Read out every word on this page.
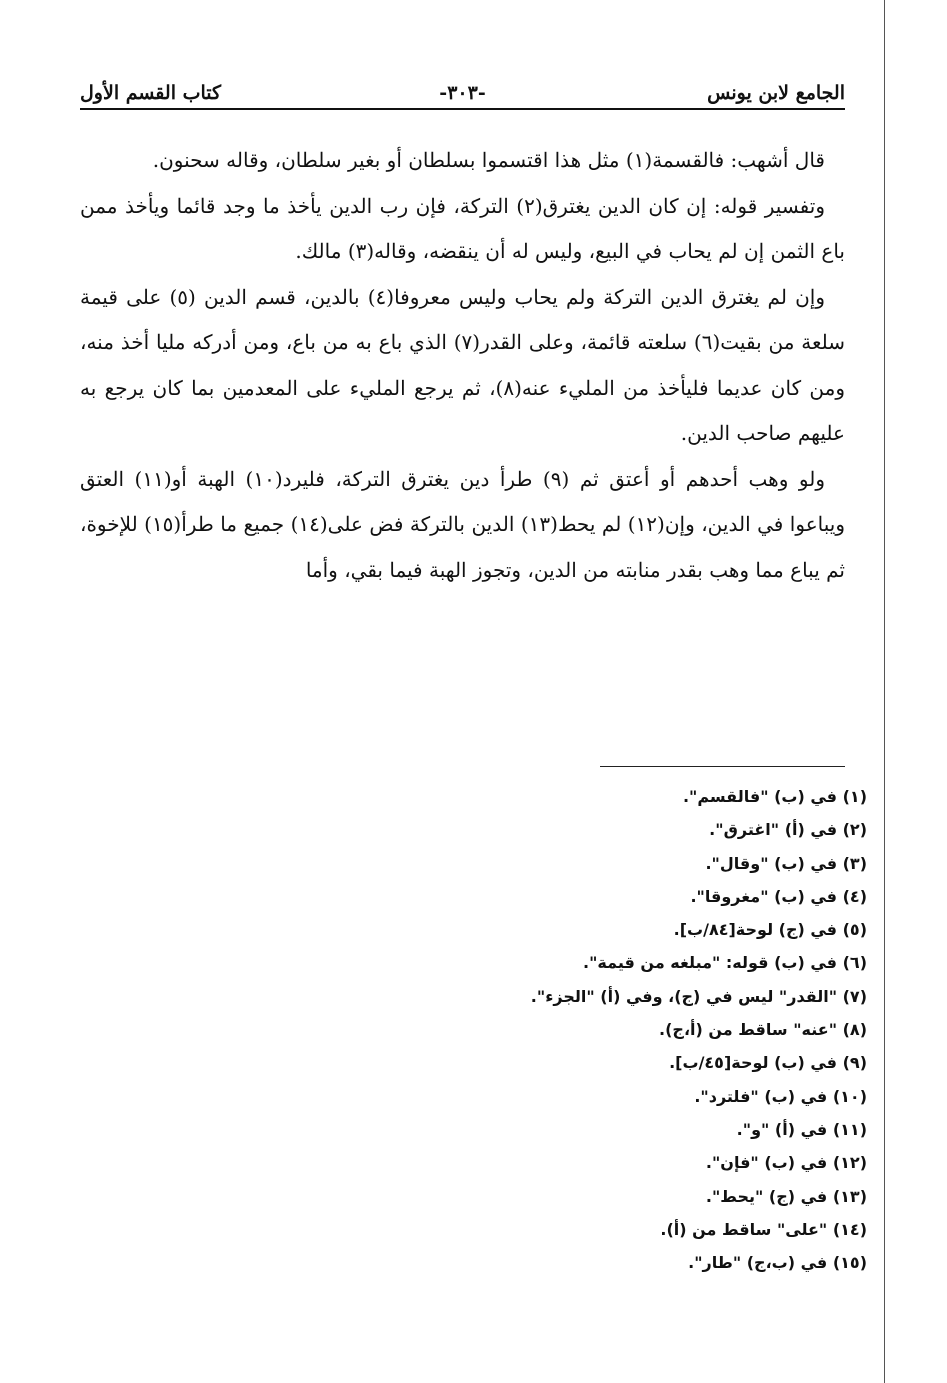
الجامع لابن يونس
-٣٠٣-
كتاب القسم الأول

قال أشهب: فالقسمة(١) مثل هذا اقتسموا بسلطان أو بغير سلطان، وقاله سحنون.

وتفسير قوله: إن كان الدين يغترق(٢) التركة، فإن رب الدين يأخذ ما وجد قائما ويأخذ ممن باع الثمن إن لم يحاب في البيع، وليس له أن ينقضه، وقاله(٣) مالك.

وإن لم يغترق الدين التركة ولم يحاب وليس معروفا(٤) بالدين، قسم الدين (٥) على قيمة سلعة من بقيت(٦) سلعته قائمة، وعلى القدر(٧) الذي باع به من باع، ومن أدركه مليا أخذ منه، ومن كان عديما فليأخذ من المليء عنه(٨)، ثم يرجع المليء على المعدمين بما كان يرجع به عليهم صاحب الدين.

ولو وهب أحدهم أو أعتق ثم (٩) طرأ دين يغترق التركة، فليرد(١٠) الهبة أو(١١) العتق ويباعوا في الدين، وإن(١٢) لم يحط(١٣) الدين بالتركة فض على(١٤) جميع ما طرأ(١٥) للإخوة، ثم يباع مما وهب بقدر منابته من الدين، وتجوز الهبة فيما بقي، وأما

(١) في (ب) "فالقسم".
(٢) في (أ) "اغترق".
(٣) في (ب) "وقال".
(٤) في (ب) "مغروقا".
(٥) في (ج) لوحة[٨٤/ب].
(٦) في (ب) قوله: "مبلغه من قيمة".
(٧) "القدر" ليس في (ج)، وفي (أ) "الجزء".
(٨) "عنه" ساقط من (أ،ج).
(٩) في (ب) لوحة[٤٥/ب].
(١٠) في (ب) "فلترد".
(١١) في (أ) "و".
(١٢) في (ب) "فإن".
(١٣) في (ج) "يحط".
(١٤) "على" ساقط من (أ).
(١٥) في (ب،ج) "طار".
